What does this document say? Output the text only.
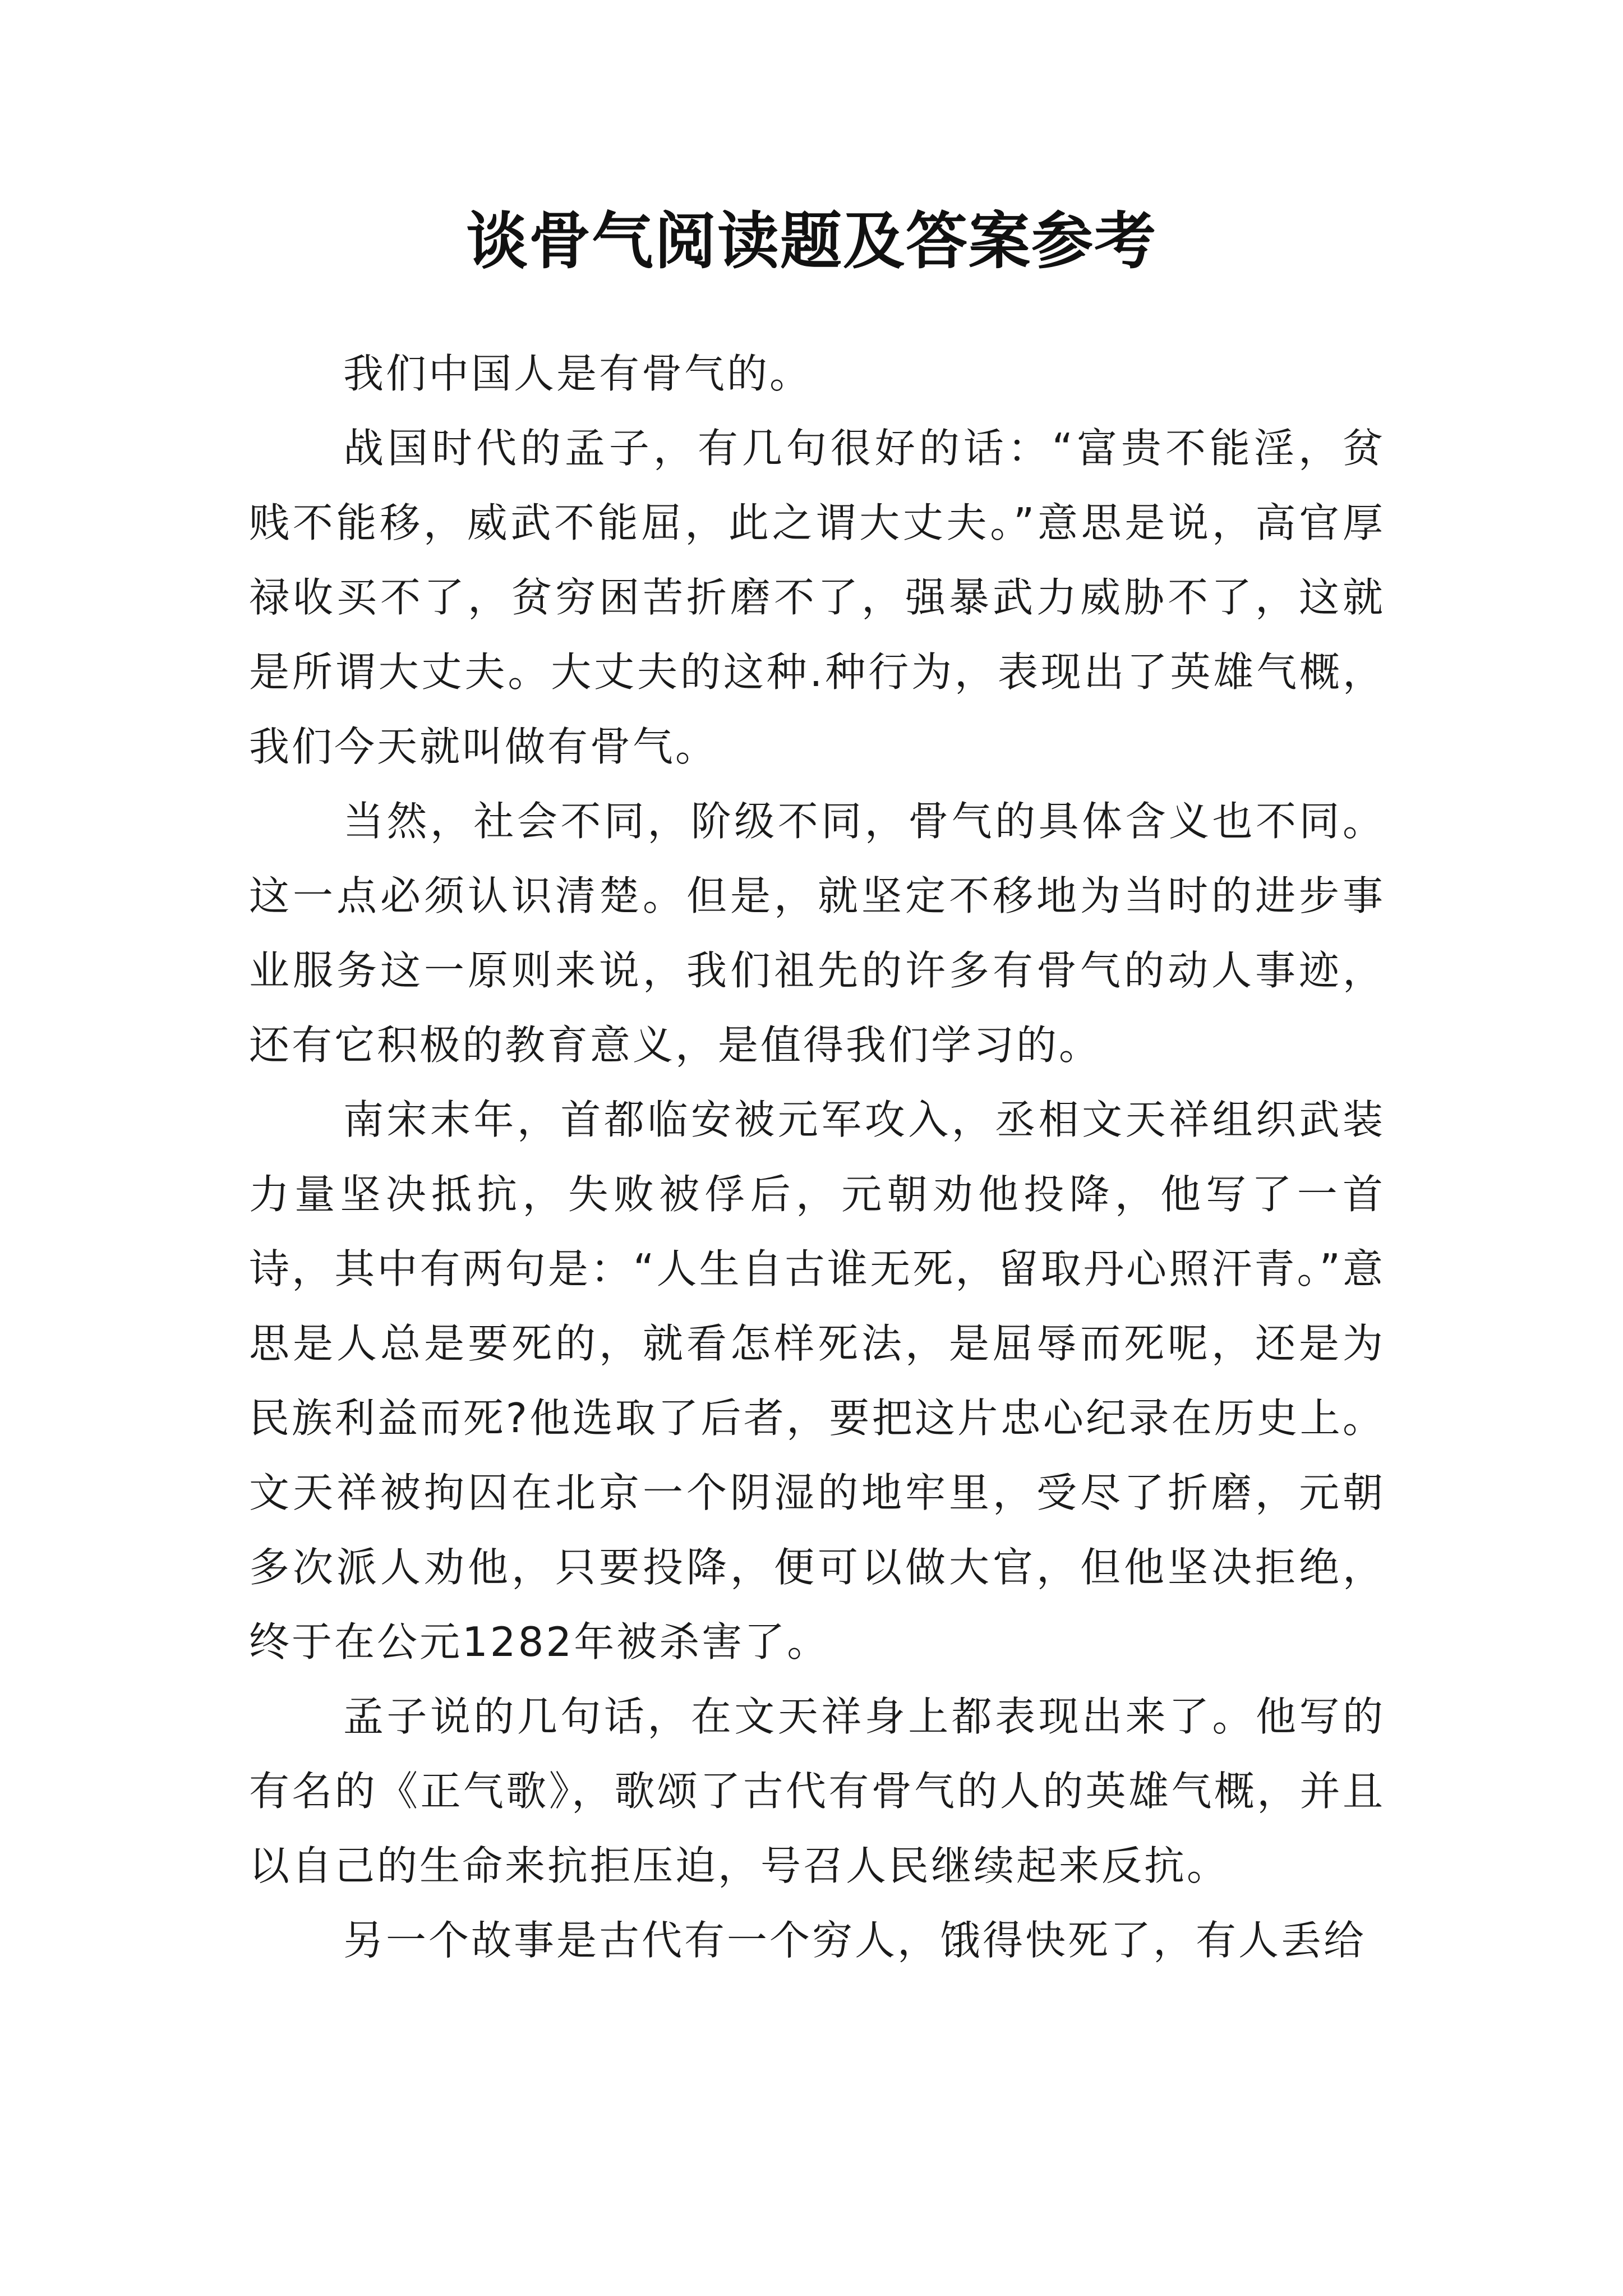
谈骨气阅读题及答案参考

我们中国人是有骨气的。

战国时代的孟子，有几句很好的话：“富贵不能淫，贫贱不能移，威武不能屈，此之谓大丈夫。”意思是说，高官厚禄收买不了，贫穷困苦折磨不了，强暴武力威胁不了，这就是所谓大丈夫。大丈夫的这种.种行为，表现出了英雄气概，我们今天就叫做有骨气。

当然，社会不同，阶级不同，骨气的具体含义也不同。这一点必须认识清楚。但是，就坚定不移地为当时的进步事业服务这一原则来说，我们祖先的许多有骨气的动人事迹，还有它积极的教育意义，是值得我们学习的。

南宋末年，首都临安被元军攻入，丞相文天祥组织武装力量坚决抵抗，失败被俘后，元朝劝他投降，他写了一首诗，其中有两句是：“人生自古谁无死，留取丹心照汗青。”意思是人总是要死的，就看怎样死法，是屈辱而死呢，还是为民族利益而死?他选取了后者，要把这片忠心纪录在历史上。文天祥被拘囚在北京一个阴湿的地牢里，受尽了折磨，元朝多次派人劝他，只要投降，便可以做大官，但他坚决拒绝，终于在公元1282年被杀害了。

孟子说的几句话，在文天祥身上都表现出来了。他写的有名的《正气歌》，歌颂了古代有骨气的人的英雄气概，并且以自己的生命来抗拒压迫，号召人民继续起来反抗。

另一个故事是古代有一个穷人，饿得快死了，有人丢给
